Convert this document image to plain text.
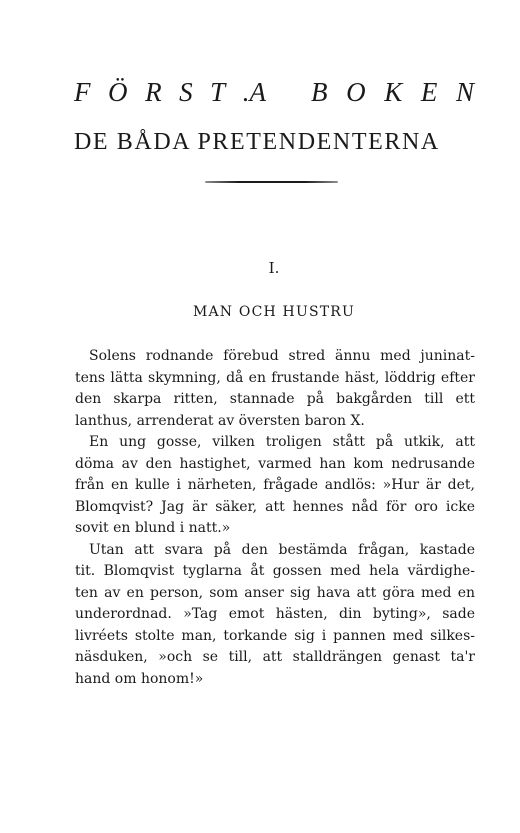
F Ö R S T .A B O K E N
DE BÅDA PRETENDENTERNA
I.
MAN OCH HUSTRU
Solens rodnande förebud stred ännu med juninat-
tens lätta skymning, då en frustande häst, löddrig efter
den skarpa ritten, stannade på bakgården till ett
lanthus, arrenderat av översten baron X.
En ung gosse, vilken troligen stått på utkik, att
döma av den hastighet, varmed han kom nedrusande
från en kulle i närheten, frågade andlös: »Hur är det,
Blomqvist? Jag är säker, att hennes nåd för oro icke
sovit en blund i natt.»
Utan att svara på den bestämda frågan, kastade
tit. Blomqvist tyglarna åt gossen med hela värdighe-
ten av en person, som anser sig hava att göra med en
underordnad. »Tag emot hästen, din byting», sade
livréets stolte man, torkande sig i pannen med silkes-
näsduken, »och se till, att stalldrängen genast ta'r
hand om honom!»
